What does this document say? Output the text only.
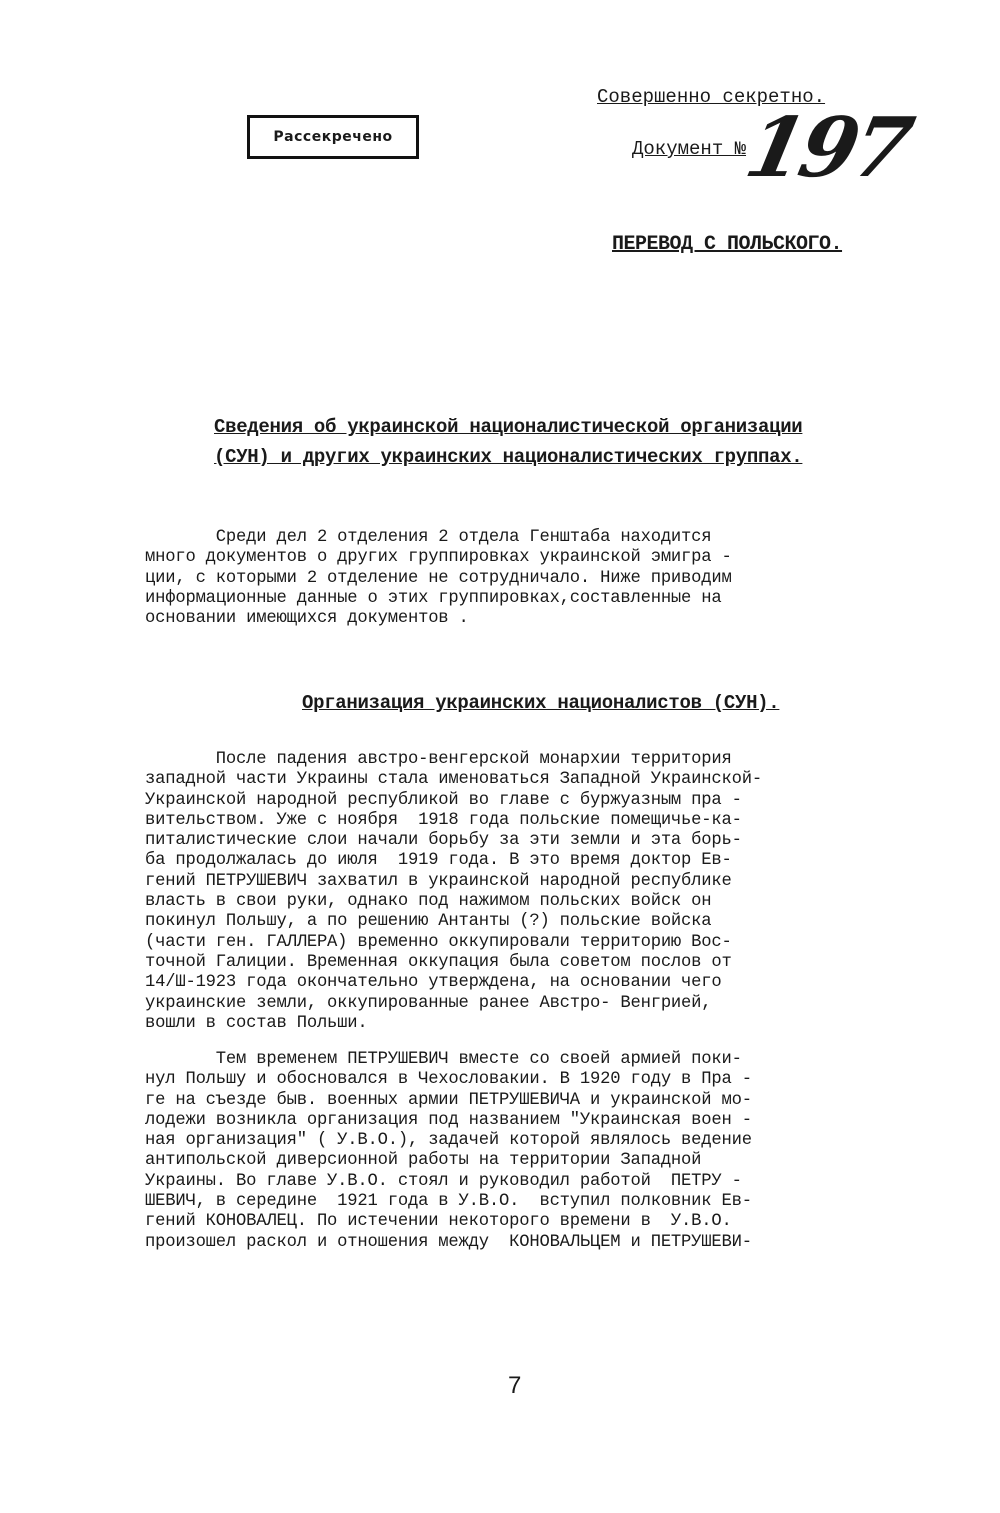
Рассекречено
Совершенно секретно.
Документ №
197
ПЕРЕВОД С ПОЛЬСКОГО.
Сведения об украинской националистической организации
(СУН) и других украинских националистических группах.
Среди дел 2 отделения 2 отдела Генштаба находится
много документов о других группировках украинской эмигра -
ции, с которыми 2 отделение не сотрудничало. Ниже приводим
информационные данные о этих группировках,составленные на
основании имеющихся документов .
Организация украинских националистов (СУН).
После падения австро-венгерской монархии территория
западной части Украины стала именоваться Западной Украинской-
Украинской народной республикой во главе с буржуазным пра -
вительством. Уже с ноября  1918 года польские помещичье-ка-
питалистические слои начали борьбу за эти земли и эта борь-
ба продолжалась до июля  1919 года. В это время доктор Ев-
гений ПЕТРУШЕВИЧ захватил в украинской народной республике
власть в свои руки, однако под нажимом польских войск он
покинул Польшу, а по решению Антанты (?) польские войска
(части ген. ГАЛЛЕРА) временно оккупировали территорию Вос-
точной Галиции. Временная оккупация была советом послов от
14/Ш-1923 года окончательно утверждена, на основании чего
украинские земли, оккупированные ранее Австро- Венгрией,
вошли в состав Польши.
Тем временем ПЕТРУШЕВИЧ вместе со своей армией поки-
нул Польшу и обосновался в Чехословакии. В 1920 году в Пра -
ге на съезде быв. военных армии ПЕТРУШЕВИЧА и украинской мо-
лодежи возникла организация под названием "Украинская воен -
ная организация" ( У.В.О.), задачей которой являлось ведение
антипольской диверсионной работы на территории Западной
Украины. Во главе У.В.О. стоял и руководил работой  ПЕТРУ -
ШЕВИЧ, в середине  1921 года в У.В.О.  вступил полковник Ев-
гений КОНОВАЛЕЦ. По истечении некоторого времени в  У.В.О.
произошел раскол и отношения между  КОНОВАЛЬЦЕМ и ПЕТРУШЕВИ-
7
